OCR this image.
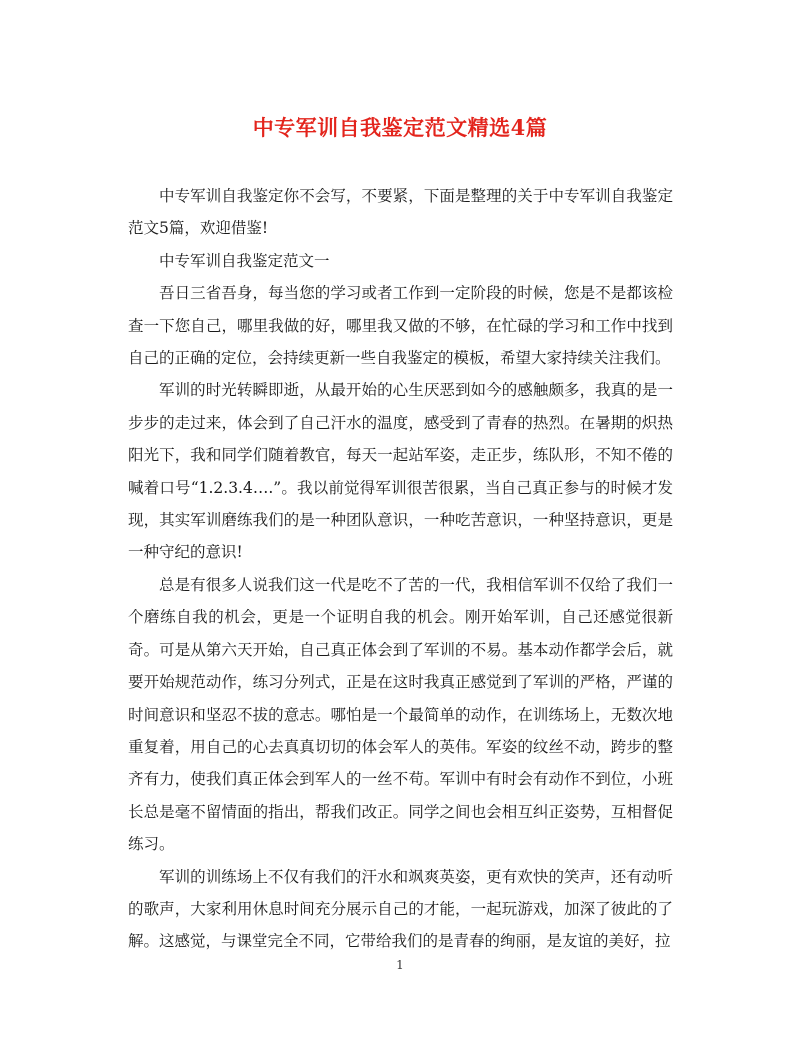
中专军训自我鉴定范文精选4篇

中专军训自我鉴定你不会写，不要紧，下面是整理的关于中专军训自我鉴定范文5篇，欢迎借鉴!

中专军训自我鉴定范文一

吾日三省吾身，每当您的学习或者工作到一定阶段的时候，您是不是都该检查一下您自己，哪里我做的好，哪里我又做的不够，在忙碌的学习和工作中找到自己的正确的定位，会持续更新一些自我鉴定的模板，希望大家持续关注我们。

军训的时光转瞬即逝，从最开始的心生厌恶到如今的感触颇多，我真的是一步步的走过来，体会到了自己汗水的温度，感受到了青春的热烈。在暑期的炽热阳光下，我和同学们随着教官，每天一起站军姿，走正步，练队形，不知不倦的喊着口号“1.2.3.4….”。我以前觉得军训很苦很累，当自己真正参与的时候才发现，其实军训磨练我们的是一种团队意识，一种吃苦意识，一种坚持意识，更是一种守纪的意识!

总是有很多人说我们这一代是吃不了苦的一代，我相信军训不仅给了我们一个磨练自我的机会，更是一个证明自我的机会。刚开始军训，自己还感觉很新奇。可是从第六天开始，自己真正体会到了军训的不易。基本动作都学会后，就要开始规范动作，练习分列式，正是在这时我真正感觉到了军训的严格，严谨的时间意识和坚忍不拔的意志。哪怕是一个最简单的动作，在训练场上，无数次地重复着，用自己的心去真真切切的体会军人的英伟。军姿的纹丝不动，跨步的整齐有力，使我们真正体会到军人的一丝不苟。军训中有时会有动作不到位，小班长总是毫不留情面的指出，帮我们改正。同学之间也会相互纠正姿势，互相督促练习。

军训的训练场上不仅有我们的汗水和飒爽英姿，更有欢快的笑声，还有动听的歌声，大家利用休息时间充分展示自己的才能，一起玩游戏，加深了彼此的了解。这感觉，与课堂完全不同，它带给我们的是青春的绚丽，是友谊的美好，拉

1
